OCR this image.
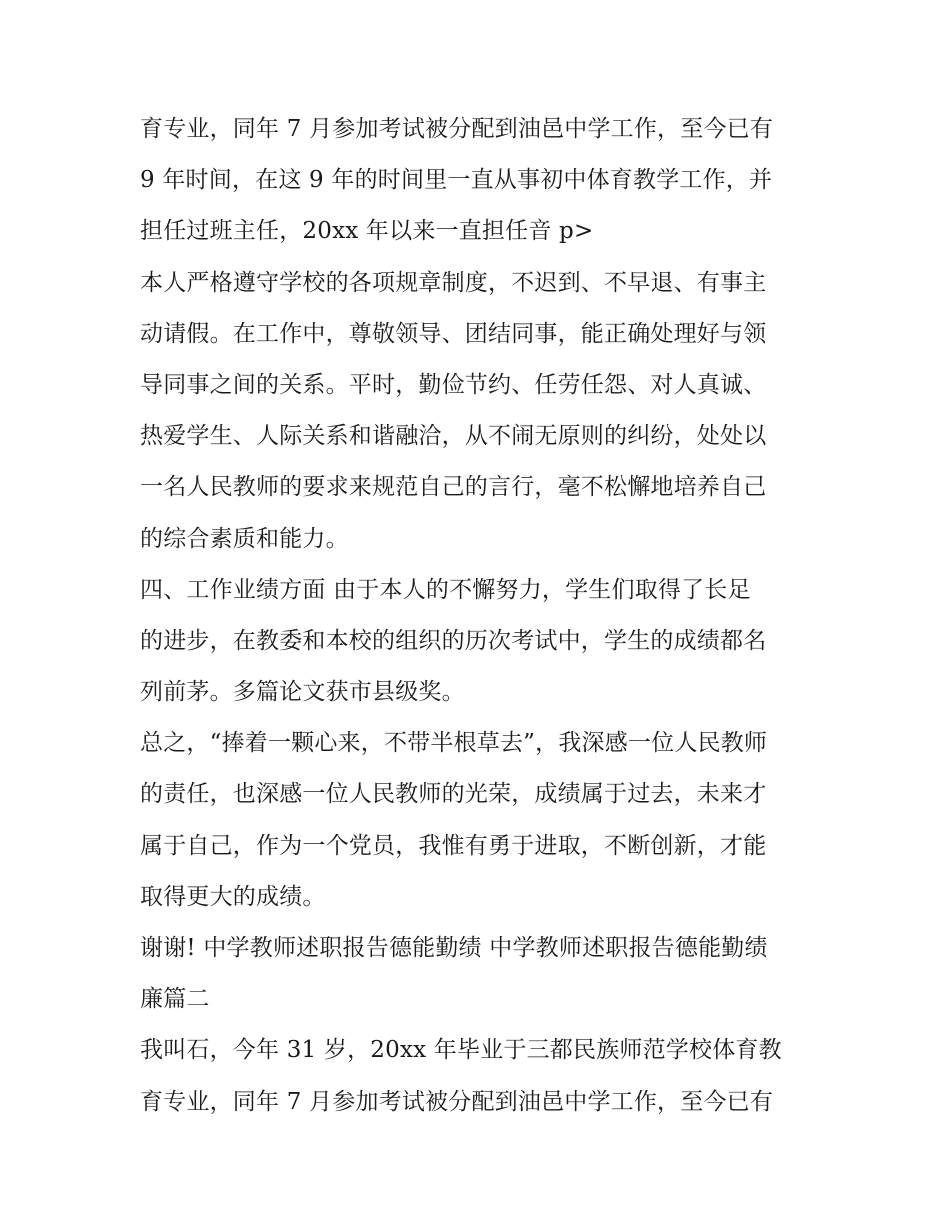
育专业，同年 7 月参加考试被分配到油邑中学工作，至今已有
9 年时间，在这 9 年的时间里一直从事初中体育教学工作，并
担任过班主任，20xx 年以来一直担任音 p>
本人严格遵守学校的各项规章制度，不迟到、不早退、有事主
动请假。在工作中，尊敬领导、团结同事，能正确处理好与领
导同事之间的关系。平时，勤俭节约、任劳任怨、对人真诚、
热爱学生、人际关系和谐融洽，从不闹无原则的纠纷，处处以
一名人民教师的要求来规范自己的言行，毫不松懈地培养自己
的综合素质和能力。
四、工作业绩方面 由于本人的不懈努力，学生们取得了长足
的进步，在教委和本校的组织的历次考试中，学生的成绩都名
列前茅。多篇论文获市县级奖。
总之，“捧着一颗心来，不带半根草去”，我深感一位人民教师
的责任，也深感一位人民教师的光荣，成绩属于过去，未来才
属于自己，作为一个党员，我惟有勇于进取，不断创新，才能
取得更大的成绩。
谢谢! 中学教师述职报告德能勤绩 中学教师述职报告德能勤绩
廉篇二
我叫石，今年 31 岁，20xx 年毕业于三都民族师范学校体育教
育专业，同年 7 月参加考试被分配到油邑中学工作，至今已有
